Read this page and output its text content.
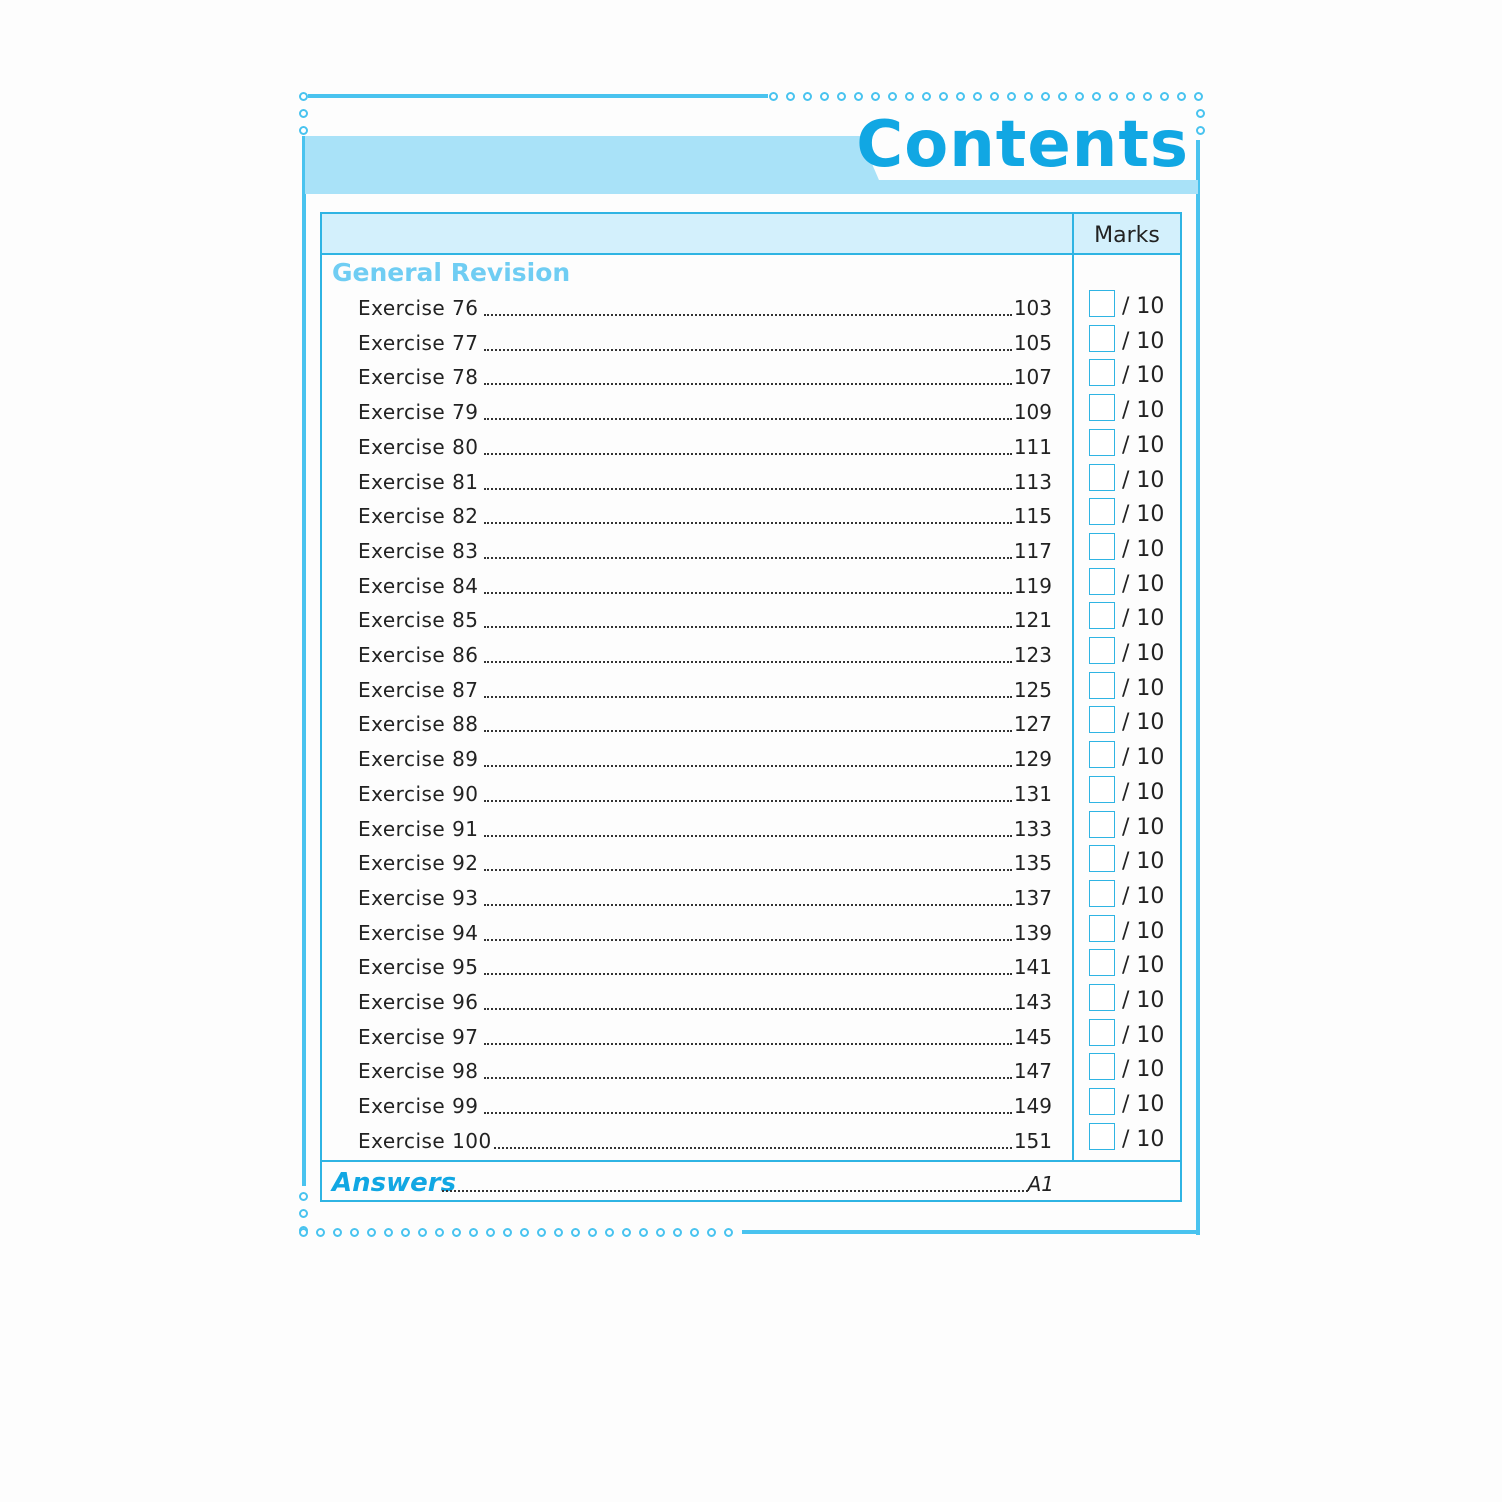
Contents
Marks
General Revision
Exercise 76	103	/ 10
Exercise 77	105	/ 10
Exercise 78	107	/ 10
Exercise 79	109	/ 10
Exercise 80	111	/ 10
Exercise 81	113	/ 10
Exercise 82	115	/ 10
Exercise 83	117	/ 10
Exercise 84	119	/ 10
Exercise 85	121	/ 10
Exercise 86	123	/ 10
Exercise 87	125	/ 10
Exercise 88	127	/ 10
Exercise 89	129	/ 10
Exercise 90	131	/ 10
Exercise 91	133	/ 10
Exercise 92	135	/ 10
Exercise 93	137	/ 10
Exercise 94	139	/ 10
Exercise 95	141	/ 10
Exercise 96	143	/ 10
Exercise 97	145	/ 10
Exercise 98	147	/ 10
Exercise 99	149	/ 10
Exercise 100	151	/ 10
Answers	A1
